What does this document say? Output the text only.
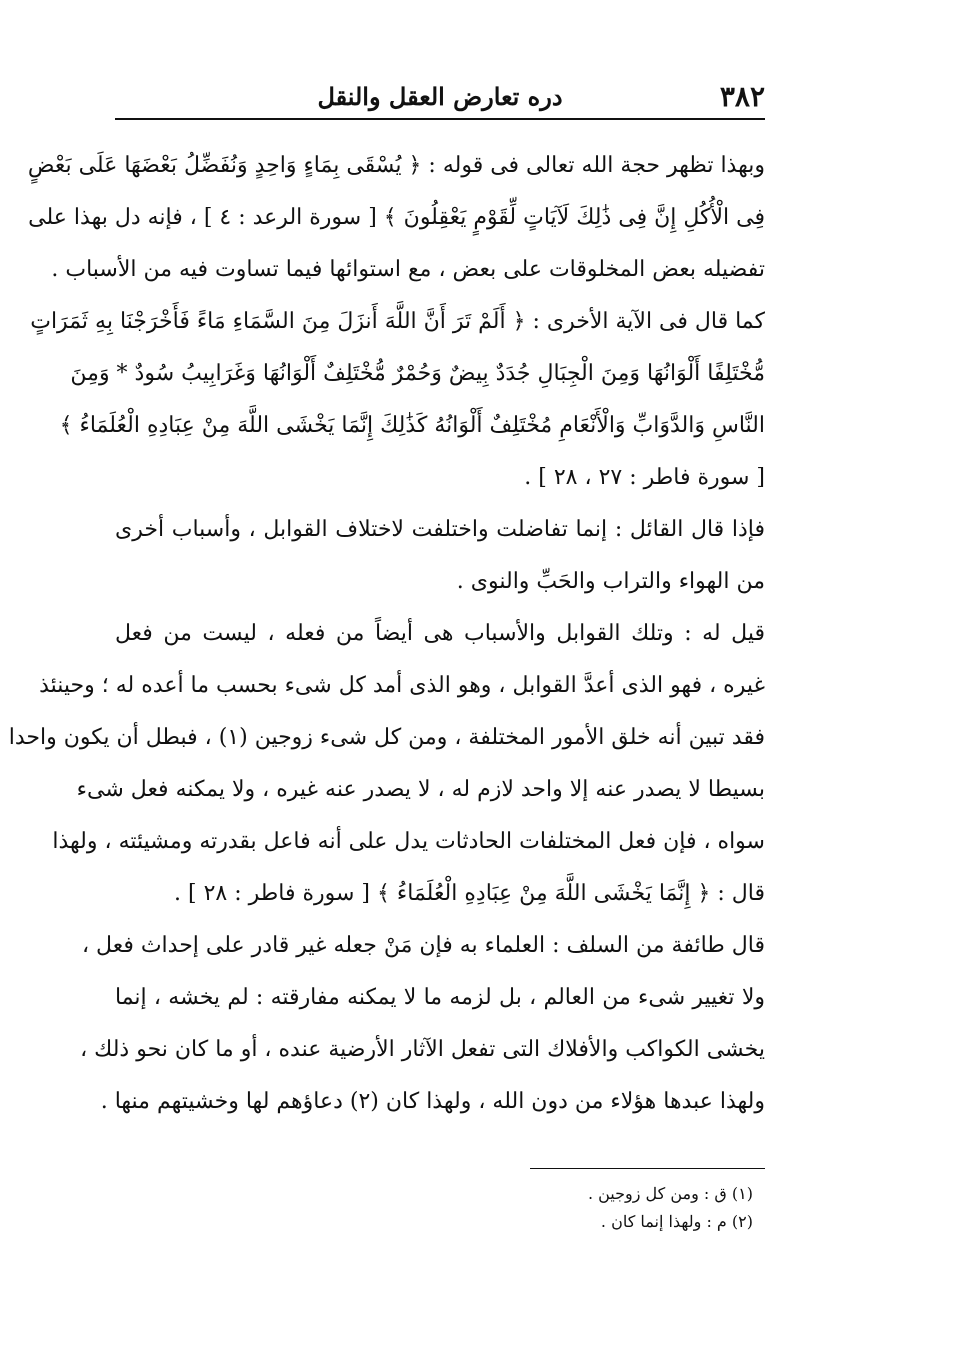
٣٨٢
دره تعارض العقل والنقل
وبهذا تظهر حجة الله تعالى فى قوله : ﴿ يُسْقَى بِمَاءٍ وَاحِدٍ وَنُفَضِّلُ بَعْضَهَا عَلَى بَعْضٍ
فِى الْأُكُلِ إِنَّ فِى ذَٰلِكَ لَآيَاتٍ لِّقَوْمٍ يَعْقِلُونَ ﴾ [ سورة الرعد : ٤ ] ، فإنه دل بهذا على
تفضيله بعض المخلوقات على بعض ، مع استوائها فيما تساوت فيه من الأسباب .
كما قال فى الآية الأخرى : ﴿ أَلَمْ تَرَ أَنَّ اللَّهَ أَنزَلَ مِنَ السَّمَاءِ مَاءً فَأَخْرَجْنَا بِهِ ثَمَرَاتٍ
مُّخْتَلِفًا أَلْوَانُهَا وَمِنَ الْجِبَالِ جُدَدٌ بِيضٌ وَحُمْرٌ مُّخْتَلِفٌ أَلْوَانُهَا وَغَرَابِيبُ سُودٌ * وَمِنَ
النَّاسِ وَالدَّوَابِّ وَالْأَنْعَامِ مُخْتَلِفٌ أَلْوَانُهُ كَذَٰلِكَ إِنَّمَا يَخْشَى اللَّهَ مِنْ عِبَادِهِ الْعُلَمَاءُ ﴾
[ سورة فاطر : ٢٧ ، ٢٨ ] .
فإذا قال القائل : إنما تفاضلت واختلفت لاختلاف القوابل ، وأسباب أخرى
من الهواء والتراب والحَبِّ والنوى .
قيل له : وتلك القوابل والأسباب هى أيضاً من فعله ، ليست من فعل
غيره ، فهو الذى أعدَّ القوابل ، وهو الذى أمد كل شىء بحسب ما أعده له ؛ وحينئذ
فقد تبين أنه خلق الأمور المختلفة ، ومن كل شىء زوجين (١) ، فبطل أن يكون واحدا
بسيطا لا يصدر عنه إلا واحد لازم له ، لا يصدر عنه غيره ، ولا يمكنه فعل شىء
سواه ، فإن فعل المختلفات الحادثات يدل على أنه فاعل بقدرته ومشيئته ، ولهذا
قال : ﴿ إِنَّمَا يَخْشَى اللَّهَ مِنْ عِبَادِهِ الْعُلَمَاءُ ﴾ [ سورة فاطر : ٢٨ ] .
قال طائفة من السلف : العلماء به فإن مَنْ جعله غير قادر على إحداث فعل ،
ولا تغيير شىء من العالم ، بل لزمه ما لا يمكنه مفارقته : لم يخشه ، إنما
يخشى الكواكب والأفلاك التى تفعل الآثار الأرضية عنده ، أو ما كان نحو ذلك ،
ولهذا عبدها هؤلاء من دون الله ، ولهذا كان (٢) دعاؤهم لها وخشيتهم منها .
(١) ق : ومن كل زوجين .
(٢) م : ولهذا إنما كان .
